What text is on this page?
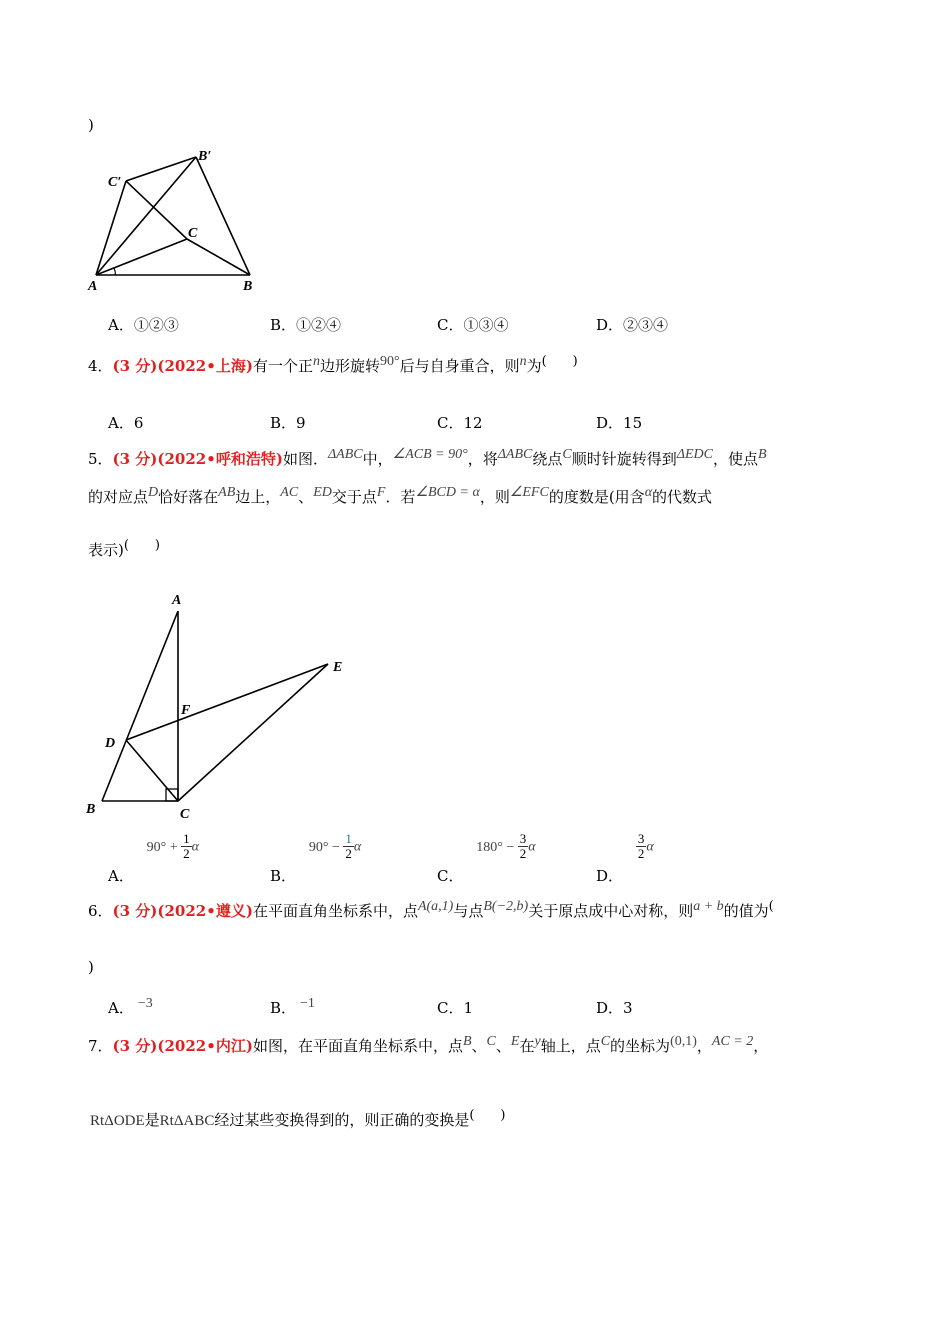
)
A	B
C
B′
C′
A．①②③	B．①②④	C．①③④	D．②③④
4．(3 分)(2022•上海)有一个正n边形旋转90°后与自身重合，则n为(　　)
A．6	B．9	C．12	D．15
5．(3 分)(2022•呼和浩特)如图．ΔABC中，∠ACB = 90°，将ΔABC绕点C顺时针旋转得到ΔEDC，使点B
的对应点D恰好落在AB边上，AC、ED交于点F．若∠BCD = α，则∠EFC的度数是(用含α的代数式
表示)(　　)
A
B	C
D
E
F
A． $90^\circ + \frac{1}{2}$ α
B． $90^\circ - \frac{1}{2}$ α
C． $180^\circ - \frac{3}{2}$ α
D．
$\frac{3}{2}$ α
6．(3 分)(2022•遵义)在平面直角坐标系中，点A(a,1)与点B(−2,b)关于原点成中心对称，则a + b的值为(
)
A． −3	B． −1	C．1	D．3
7．(3 分)(2022•内江)如图，在平面直角坐标系中，点B、C、E在y轴上，点C的坐标为(0,1)，AC = 2，
RtΔODE是RtΔABC经过某些变换得到的，则正确的变换是(　　)
